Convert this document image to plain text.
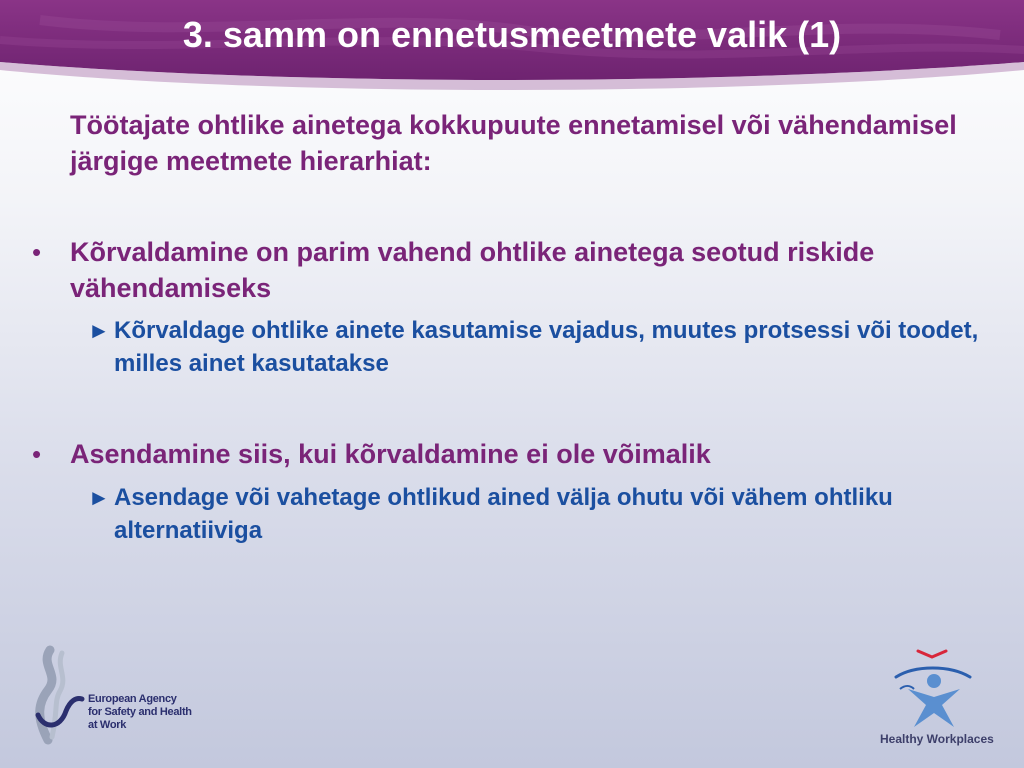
3. samm on ennetusmeetmete valik (1)

Töötajate ohtlike ainetega kokkupuute ennetamisel või vähendamisel järgige meetmete hierarhiat:

• Kõrvaldamine on parim vahend ohtlike ainetega seotud riskide vähendamiseks
► Kõrvaldage ohtlike ainete kasutamise vajadus, muutes protsessi või toodet, milles ainet kasutatakse
• Asendamine siis, kui kõrvaldamine ei ole võimalik
► Asendage või vahetage ohtlikud ained välja ohutu või vähem ohtliku alternatiiviga
European Agency
for Safety and Health
at Work
Healthy Workplaces
